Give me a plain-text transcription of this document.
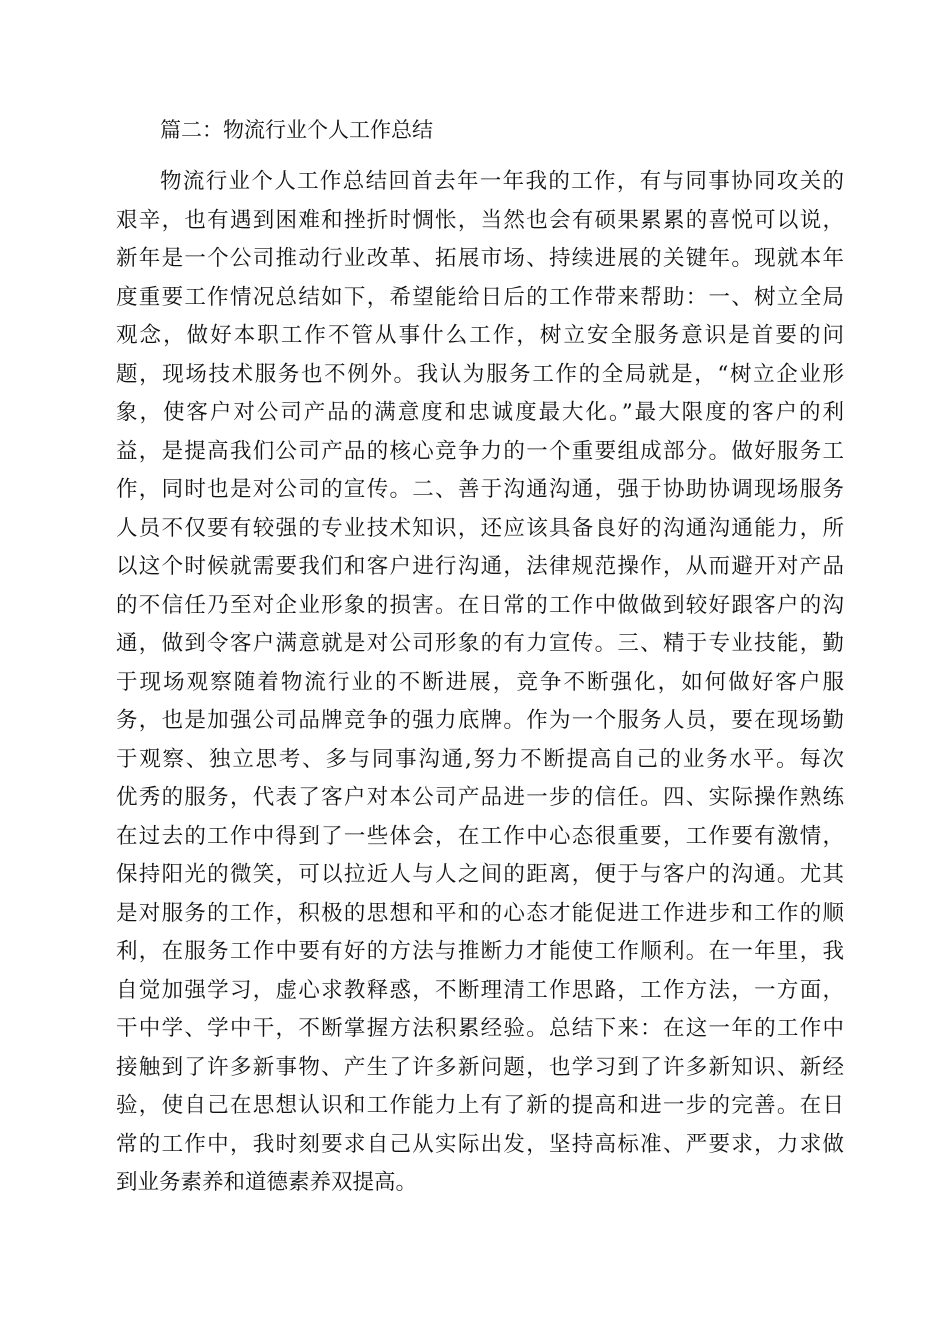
篇二：物流行业个人工作总结
物流行业个人工作总结回首去年一年我的工作，有与同事协同攻关的
艰辛，也有遇到困难和挫折时惆怅，当然也会有硕果累累的喜悦可以说，
新年是一个公司推动行业改革、拓展市场、持续进展的关键年。现就本年
度重要工作情况总结如下，希望能给日后的工作带来帮助：一、树立全局
观念，做好本职工作不管从事什么工作，树立安全服务意识是首要的问
题，现场技术服务也不例外。我认为服务工作的全局就是，“树立企业形
象，使客户对公司产品的满意度和忠诚度最大化。”最大限度的客户的利
益，是提高我们公司产品的核心竞争力的一个重要组成部分。做好服务工
作，同时也是对公司的宣传。二、善于沟通沟通，强于协助协调现场服务
人员不仅要有较强的专业技术知识，还应该具备良好的沟通沟通能力，所
以这个时候就需要我们和客户进行沟通，法律规范操作，从而避开对产品
的不信任乃至对企业形象的损害。在日常的工作中做做到较好跟客户的沟
通，做到令客户满意就是对公司形象的有力宣传。三、精于专业技能，勤
于现场观察随着物流行业的不断进展，竞争不断强化，如何做好客户服
务，也是加强公司品牌竞争的强力底牌。作为一个服务人员，要在现场勤
于观察、独立思考、多与同事沟通,努力不断提高自己的业务水平。每次
优秀的服务，代表了客户对本公司产品进一步的信任。四、实际操作熟练
在过去的工作中得到了一些体会，在工作中心态很重要，工作要有激情，
保持阳光的微笑，可以拉近人与人之间的距离，便于与客户的沟通。尤其
是对服务的工作，积极的思想和平和的心态才能促进工作进步和工作的顺
利，在服务工作中要有好的方法与推断力才能使工作顺利。在一年里，我
自觉加强学习，虚心求教释惑，不断理清工作思路，工作方法，一方面，
干中学、学中干，不断掌握方法积累经验。总结下来：在这一年的工作中
接触到了许多新事物、产生了许多新问题，也学习到了许多新知识、新经
验，使自己在思想认识和工作能力上有了新的提高和进一步的完善。在日
常的工作中，我时刻要求自己从实际出发，坚持高标准、严要求，力求做
到业务素养和道德素养双提高。
